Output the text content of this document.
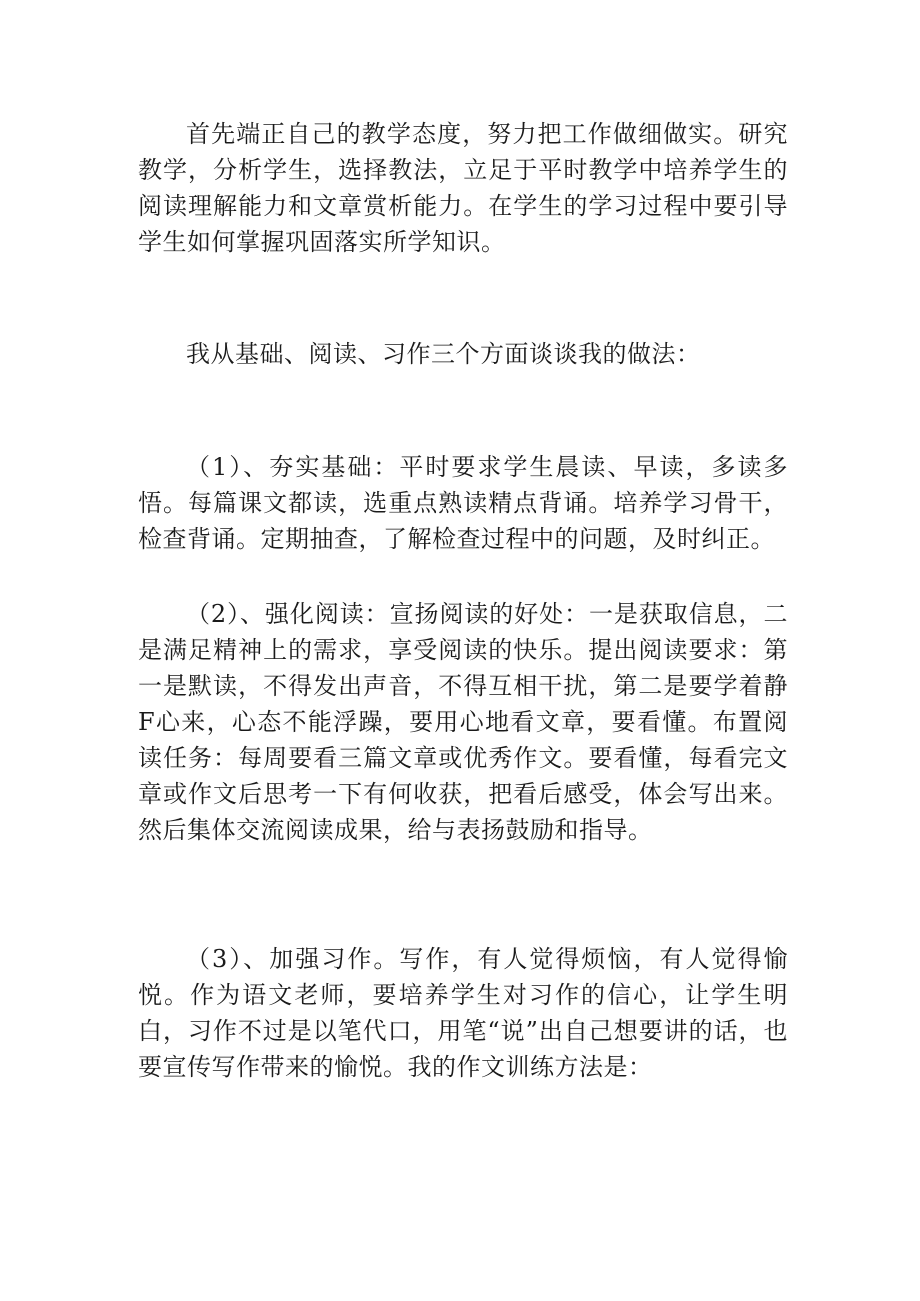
首先端正自己的教学态度，努力把工作做细做实。研究教学，分析学生，选择教法，立足于平时教学中培养学生的阅读理解能力和文章赏析能力。在学生的学习过程中要引导学生如何掌握巩固落实所学知识。

我从基础、阅读、习作三个方面谈谈我的做法：

（1）、夯实基础：平时要求学生晨读、早读，多读多悟。每篇课文都读，选重点熟读精点背诵。培养学习骨干，检查背诵。定期抽查，了解检查过程中的问题，及时纠正。

（2）、强化阅读：宣扬阅读的好处：一是获取信息，二是满足精神上的需求，享受阅读的快乐。提出阅读要求：第一是默读，不得发出声音，不得互相干扰，第二是要学着静F心来，心态不能浮躁，要用心地看文章，要看懂。布置阅读任务：每周要看三篇文章或优秀作文。要看懂，每看完文章或作文后思考一下有何收获，把看后感受，体会写出来。然后集体交流阅读成果，给与表扬鼓励和指导。

（3）、加强习作。写作，有人觉得烦恼，有人觉得愉悦。作为语文老师，要培养学生对习作的信心，让学生明白，习作不过是以笔代口，用笔“说”出自己想要讲的话，也要宣传写作带来的愉悦。我的作文训练方法是：
